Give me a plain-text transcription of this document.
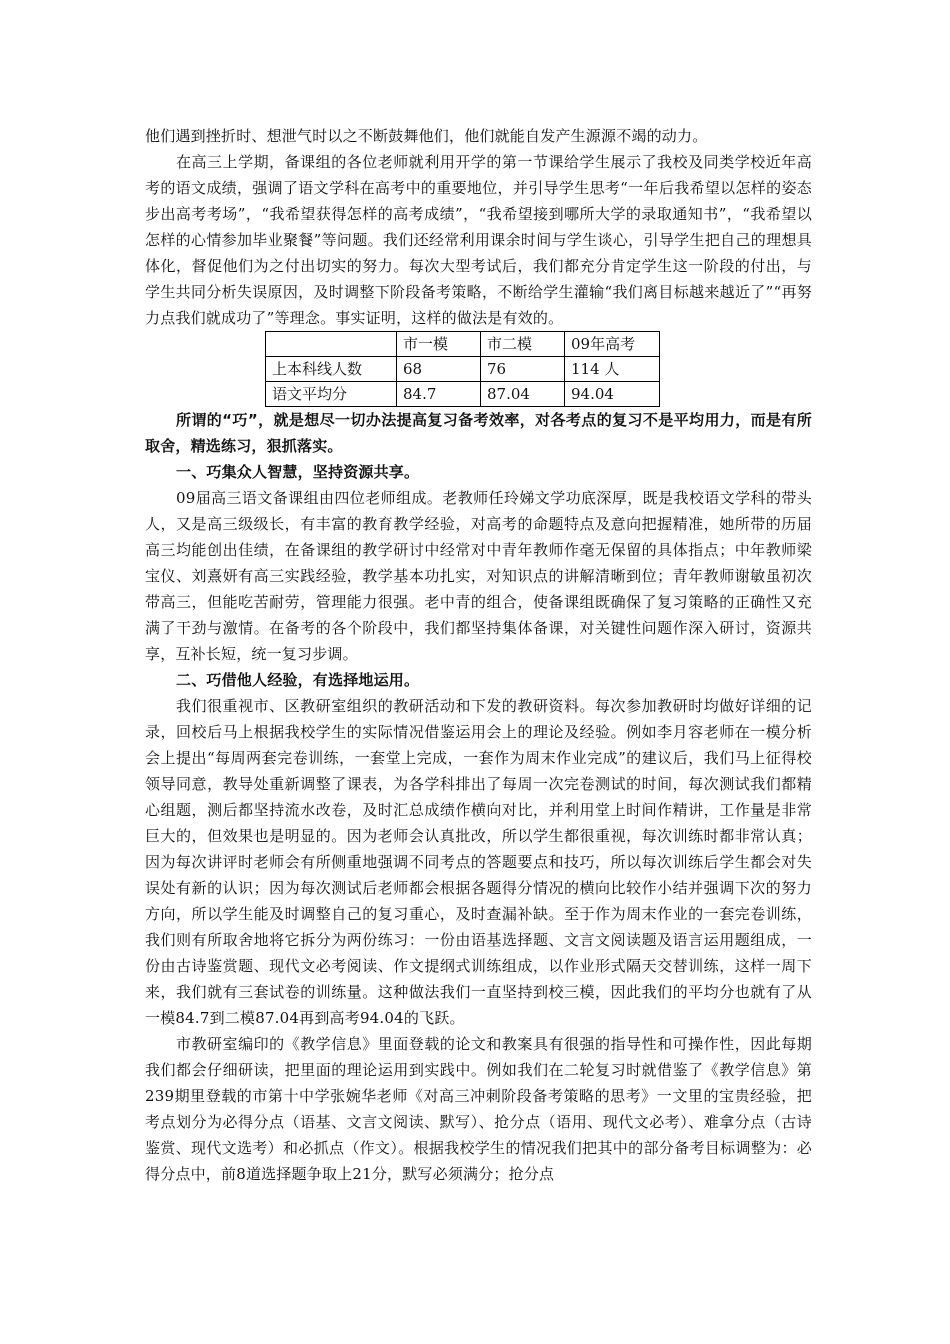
他们遇到挫折时、想泄气时以之不断鼓舞他们，他们就能自发产生源源不竭的动力。

在高三上学期，备课组的各位老师就利用开学的第一节课给学生展示了我校及同类学校近年高考的语文成绩，强调了语文学科在高考中的重要地位，并引导学生思考“一年后我希望以怎样的姿态步出高考考场”，“我希望获得怎样的高考成绩”，“我希望接到哪所大学的录取通知书”，“我希望以怎样的心情参加毕业聚餐”等问题。我们还经常利用课余时间与学生谈心，引导学生把自己的理想具体化，督促他们为之付出切实的努力。每次大型考试后，我们都充分肯定学生这一阶段的付出，与学生共同分析失误原因，及时调整下阶段备考策略，不断给学生灌输“我们离目标越来越近了”“再努力点我们就成功了”等理念。事实证明，这样的做法是有效的。

	市一模	市二模	09年高考
上本科线人数	68	76	114 人
语文平均分	84.7	87.04	94.04

所谓的“巧”，就是想尽一切办法提高复习备考效率，对各考点的复习不是平均用力，而是有所取舍，精选练习，狠抓落实。

一、巧集众人智慧，坚持资源共享。

09届高三语文备课组由四位老师组成。老教师任玲娣文学功底深厚，既是我校语文学科的带头人，又是高三级级长，有丰富的教育教学经验，对高考的命题特点及意向把握精准，她所带的历届高三均能创出佳绩，在备课组的教学研讨中经常对中青年教师作毫无保留的具体指点；中年教师梁宝仪、刘熹妍有高三实践经验，教学基本功扎实，对知识点的讲解清晰到位；青年教师谢敏虽初次带高三，但能吃苦耐劳，管理能力很强。老中青的组合，使备课组既确保了复习策略的正确性又充满了干劲与激情。在备考的各个阶段中，我们都坚持集体备课，对关键性问题作深入研讨，资源共享，互补长短，统一复习步调。

二、巧借他人经验，有选择地运用。

我们很重视市、区教研室组织的教研活动和下发的教研资料。每次参加教研时均做好详细的记录，回校后马上根据我校学生的实际情况借鉴运用会上的理论及经验。例如李月容老师在一模分析会上提出“每周两套完卷训练，一套堂上完成，一套作为周末作业完成”的建议后，我们马上征得校领导同意，教导处重新调整了课表，为各学科排出了每周一次完卷测试的时间，每次测试我们都精心组题，测后都坚持流水改卷，及时汇总成绩作横向对比，并利用堂上时间作精讲，工作量是非常巨大的，但效果也是明显的。因为老师会认真批改，所以学生都很重视，每次训练时都非常认真；因为每次讲评时老师会有所侧重地强调不同考点的答题要点和技巧，所以每次训练后学生都会对失误处有新的认识；因为每次测试后老师都会根据各题得分情况的横向比较作小结并强调下次的努力方向，所以学生能及时调整自己的复习重心，及时查漏补缺。至于作为周末作业的一套完卷训练，我们则有所取舍地将它拆分为两份练习：一份由语基选择题、文言文阅读题及语言运用题组成，一份由古诗鉴赏题、现代文必考阅读、作文提纲式训练组成，以作业形式隔天交替训练，这样一周下来，我们就有三套试卷的训练量。这种做法我们一直坚持到校三模，因此我们的平均分也就有了从一模84.7到二模87.04再到高考94.04的飞跃。

市教研室编印的《教学信息》里面登载的论文和教案具有很强的指导性和可操作性，因此每期我们都会仔细研读，把里面的理论运用到实践中。例如我们在二轮复习时就借鉴了《教学信息》第239期里登载的市第十中学张婉华老师《对高三冲刺阶段备考策略的思考》一文里的宝贵经验，把考点划分为必得分点（语基、文言文阅读、默写）、抢分点（语用、现代文必考）、难拿分点（古诗鉴赏、现代文选考）和必抓点（作文）。根据我校学生的情况我们把其中的部分备考目标调整为：必得分点中，前8道选择题争取上21分，默写必须满分；抢分点
